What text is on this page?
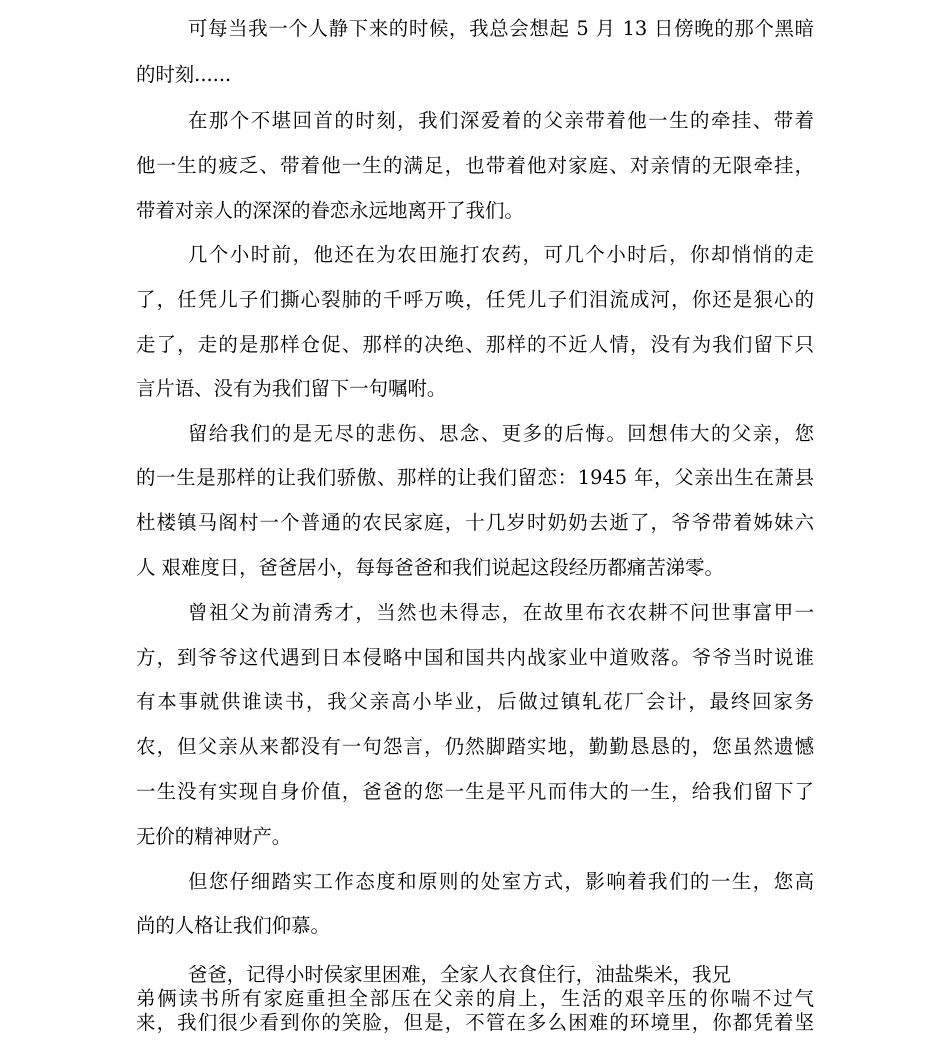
可每当我一个人静下来的时候，我总会想起 5 月 13 日傍晚的那个黑暗
的时刻......
在那个不堪回首的时刻，我们深爱着的父亲带着他一生的牵挂、带着
他一生的疲乏、带着他一生的满足，也带着他对家庭、对亲情的无限牵挂，
带着对亲人的深深的眷恋永远地离开了我们。
几个小时前，他还在为农田施打农药，可几个小时后，你却悄悄的走
了，任凭儿子们撕心裂肺的千呼万唤，任凭儿子们泪流成河，你还是狠心的
走了，走的是那样仓促、那样的决绝、那样的不近人情，没有为我们留下只
言片语、没有为我们留下一句嘱咐。
留给我们的是无尽的悲伤、思念、更多的后悔。回想伟大的父亲，您
的一生是那样的让我们骄傲、那样的让我们留恋：1945 年，父亲出生在萧县
杜楼镇马阁村一个普通的农民家庭，十几岁时奶奶去逝了，爷爷带着姊妹六
人 艰难度日，爸爸居小，每每爸爸和我们说起这段经历都痛苦涕零。
曾祖父为前清秀才，当然也未得志，在故里布衣农耕不问世事富甲一
方，到爷爷这代遇到日本侵略中国和国共内战家业中道败落。爷爷当时说谁
有本事就供谁读书，我父亲高小毕业，后做过镇轧花厂会计，最终回家务
农，但父亲从来都没有一句怨言，仍然脚踏实地，勤勤恳恳的，您虽然遗憾
一生没有实现自身价值，爸爸的您一生是平凡而伟大的一生，给我们留下了
无价的精神财产。
但您仔细踏实工作态度和原则的处室方式，影响着我们的一生，您高
尚的人格让我们仰慕。
爸爸，记得小时侯家里困难，全家人衣食住行，油盐柴米，我兄
弟俩读书所有家庭重担全部压在父亲的肩上，生活的艰辛压的你喘不过气
来，我们很少看到你的笑脸，但是，不管在多么困难的环境里，你都凭着坚
